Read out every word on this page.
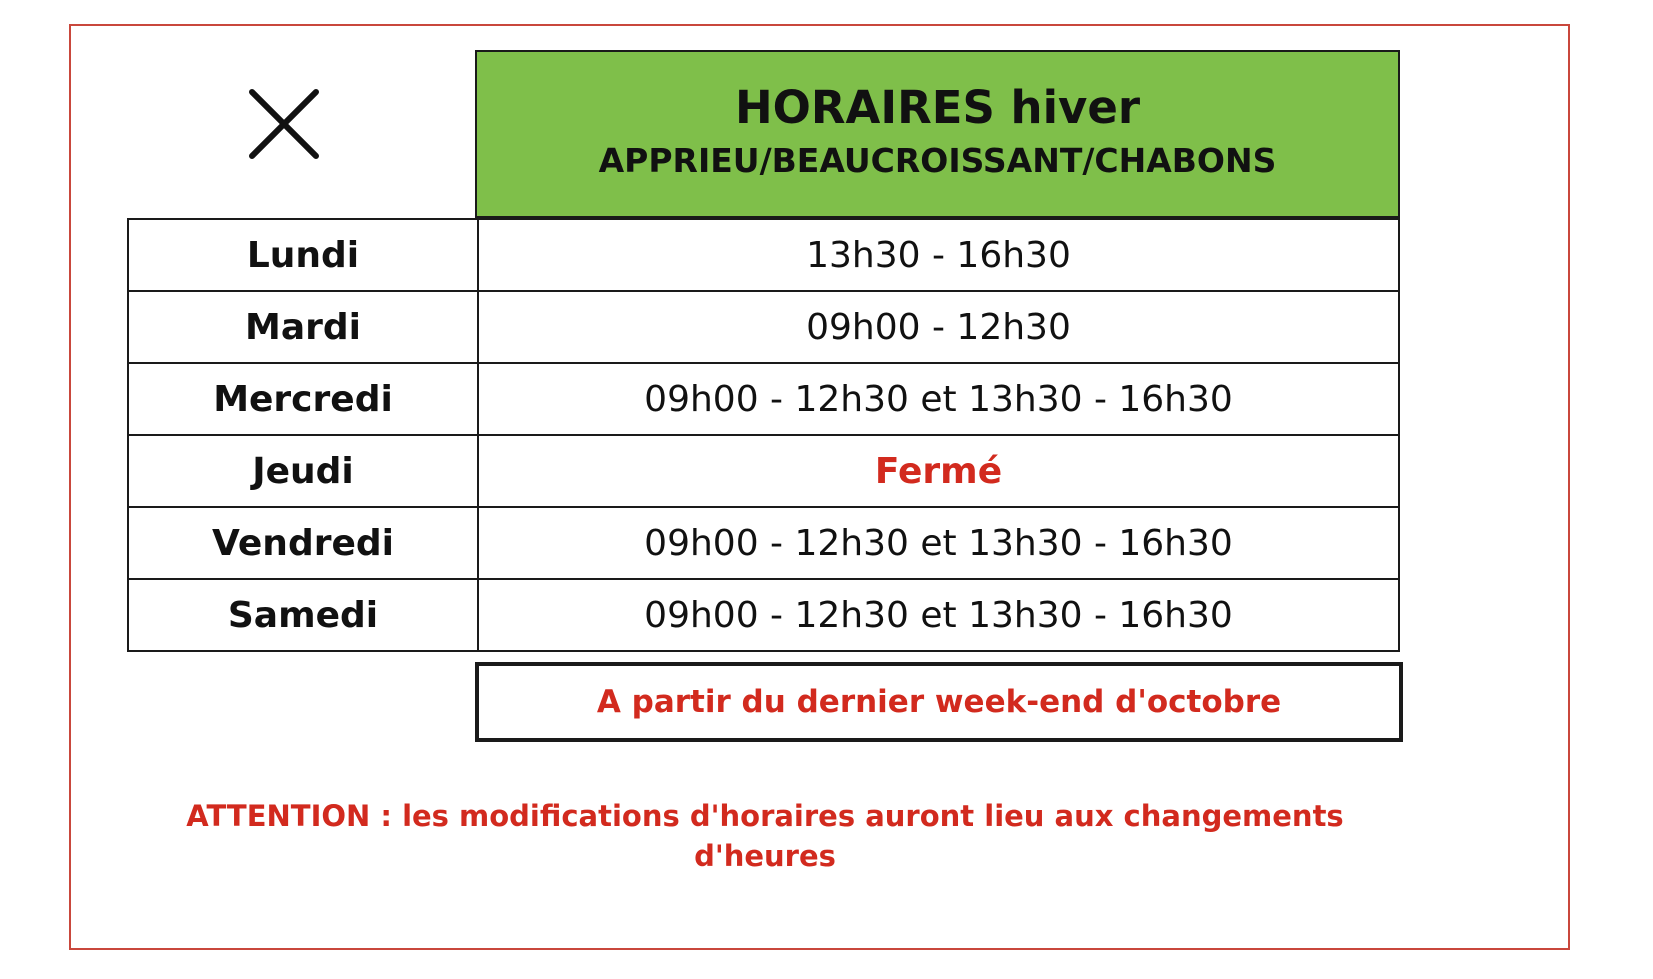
HORAIRES hiver
APPRIEU/BEAUCROISSANT/CHABONS
Lundi	13h30 - 16h30
Mardi	09h00 - 12h30
Mercredi	09h00 - 12h30 et 13h30 - 16h30
Jeudi	Fermé
Vendredi	09h00 - 12h30 et 13h30 - 16h30
Samedi	09h00 - 12h30 et 13h30 - 16h30
A partir du dernier week-end d'octobre
ATTENTION : les modifications d'horaires auront lieu aux changements
d'heures
